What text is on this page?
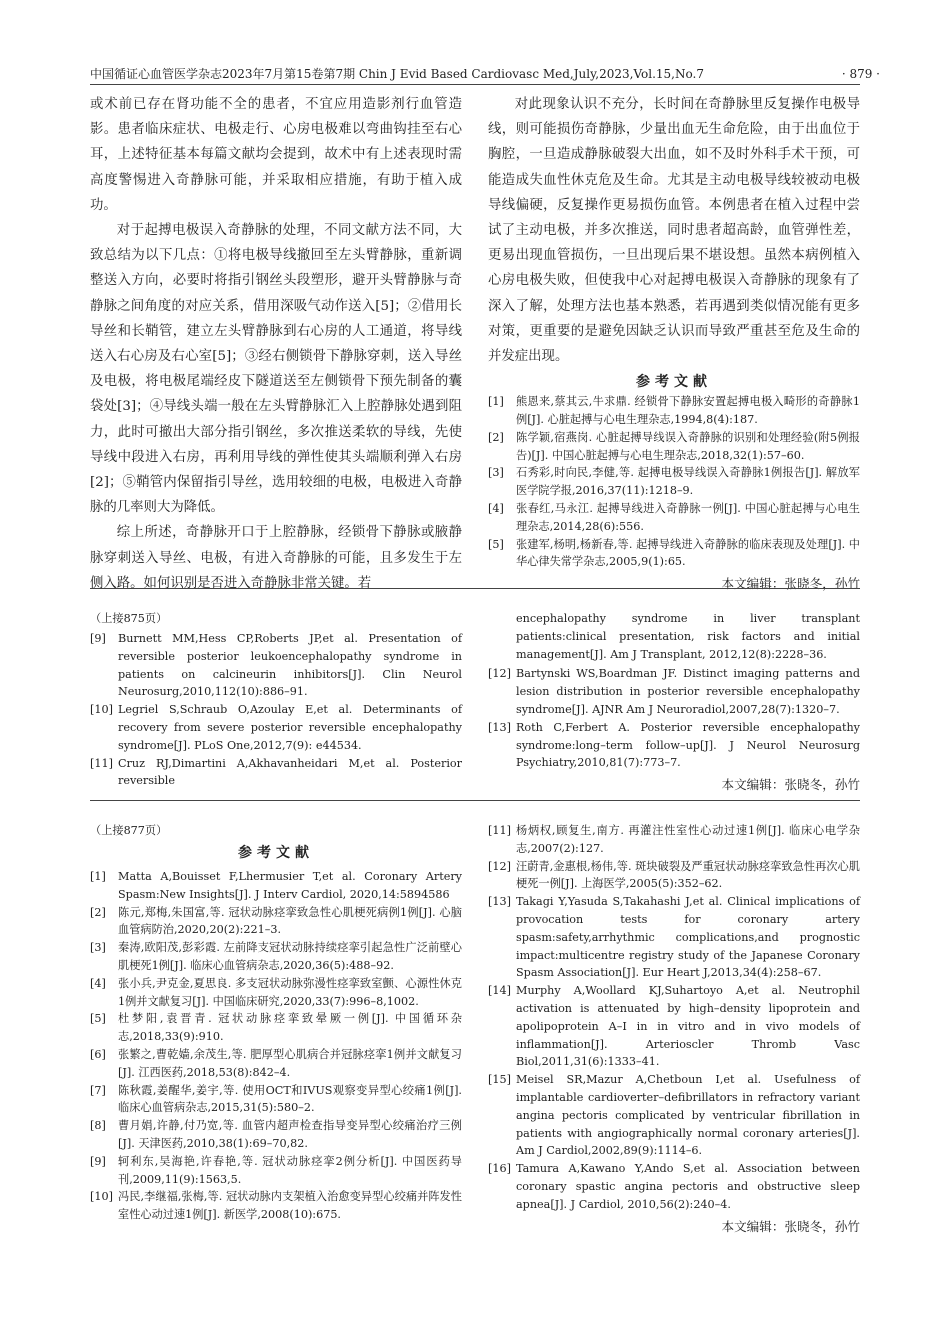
中国循证心血管医学杂志2023年7月第15卷第7期 Chin J Evid Based Cardiovasc Med,July,2023,Vol.15,No.7	· 879 ·

或术前已存在肾功能不全的患者，不宜应用造影剂行血管造影。患者临床症状、电极走行、心房电极难以弯曲钩挂至右心耳，上述特征基本每篇文献均会提到，故术中有上述表现时需高度警惕进入奇静脉可能，并采取相应措施，有助于植入成功。

对于起搏电极误入奇静脉的处理，不同文献方法不同，大致总结为以下几点：①将电极导线撤回至左头臂静脉，重新调整送入方向，必要时将指引钢丝头段塑形，避开头臂静脉与奇静脉之间角度的对应关系，借用深吸气动作送入[5]；②借用长导丝和长鞘管，建立左头臂静脉到右心房的人工通道，将导线送入右心房及右心室[5]；③经右侧锁骨下静脉穿刺，送入导丝及电极，将电极尾端经皮下隧道送至左侧锁骨下预先制备的囊袋处[3]；④导线头端一般在左头臂静脉汇入上腔静脉处遇到阻力，此时可撤出大部分指引钢丝，多次推送柔软的导线，先使导线中段进入右房，再利用导线的弹性使其头端顺利弹入右房[2]；⑤鞘管内保留指引导丝，选用较细的电极，电极进入奇静脉的几率则大为降低。

综上所述，奇静脉开口于上腔静脉，经锁骨下静脉或腋静脉穿刺送入导丝、电极，有进入奇静脉的可能，且多发生于左侧入路。如何识别是否进入奇静脉非常关键。若

对此现象认识不充分，长时间在奇静脉里反复操作电极导线，则可能损伤奇静脉，少量出血无生命危险，由于出血位于胸腔，一旦造成静脉破裂大出血，如不及时外科手术干预，可能造成失血性休克危及生命。尤其是主动电极导线较被动电极导线偏硬，反复操作更易损伤血管。本例患者在植入过程中尝试了主动电极，并多次推送，同时患者超高龄，血管弹性差，更易出现血管损伤，一旦出现后果不堪设想。虽然本病例植入心房电极失败，但使我中心对起搏电极误入奇静脉的现象有了深入了解，处理方法也基本熟悉，若再遇到类似情况能有更多对策，更重要的是避免因缺乏认识而导致严重甚至危及生命的并发症出现。

参考文献

[1]	熊恩来,蔡其云,牛求鼎. 经锁骨下静脉安置起搏电极入畸形的奇静脉1例[J]. 心脏起搏与心电生理杂志,1994,8(4):187.
[2]	陈学颖,宿燕岗. 心脏起搏导线误入奇静脉的识别和处理经验(附5例报告)[J]. 中国心脏起搏与心电生理杂志,2018,32(1):57–60.
[3]	石秀彩,时向民,李健,等. 起搏电极导线误入奇静脉1例报告[J]. 解放军医学院学报,2016,37(11):1218–9.
[4]	张春红,马永江. 起搏导线进入奇静脉一例[J]. 中国心脏起搏与心电生理杂志,2014,28(6):556.
[5]	张建军,杨明,杨新春,等. 起搏导线进入奇静脉的临床表现及处理[J]. 中华心律失常学杂志,2005,9(1):65.
本文编辑：张晓冬，孙竹

（上接875页）

[9]	Burnett MM,Hess CP,Roberts JP,et al. Presentation of reversible posterior leukoencephalopathy syndrome in patients on calcineurin inhibitors[J]. Clin Neurol Neurosurg,2010,112(10):886–91.
[10] Legriel S,Schraub O,Azoulay E,et al. Determinants of recovery from severe posterior reversible encephalopathy syndrome[J]. PLoS One,2012,7(9): e44534.
[11] Cruz RJ,Dimartini A,Akhavanheidari M,et al. Posterior reversible
encephalopathy syndrome in liver transplant patients:clinical presentation, risk factors and initial management[J]. Am J Transplant, 2012,12(8):2228–36.
[12] Bartynski WS,Boardman JF. Distinct imaging patterns and lesion distribution in posterior reversible encephalopathy syndrome[J]. AJNR Am J Neuroradiol,2007,28(7):1320–7.
[13] Roth C,Ferbert A. Posterior reversible encephalopathy syndrome:long–term follow–up[J]. J Neurol Neurosurg Psychiatry,2010,81(7):773–7.
本文编辑：张晓冬，孙竹

（上接877页）

参考文献

[1]	Matta A,Bouisset F,Lhermusier T,et al. Coronary Artery Spasm:New Insights[J]. J Interv Cardiol, 2020,14:5894586
[2]	陈元,郑梅,朱国富,等. 冠状动脉痉挛致急性心肌梗死病例1例[J]. 心脑血管病防治,2020,20(2):221–3.
[3]	秦涛,欧阳茂,彭彩霞. 左前降支冠状动脉持续痉挛引起急性广泛前壁心肌梗死1例[J]. 临床心血管病杂志,2020,36(5):488–92.
[4]	张小兵,尹克金,夏思良. 多支冠状动脉弥漫性痉挛致室颤、心源性休克1例并文献复习[J]. 中国临床研究,2020,33(7):996–8,1002.
[5]	杜梦阳,袁晋青. 冠状动脉痉挛致晕厥一例[J]. 中国循环杂志,2018,33(9):910.
[6]	张繁之,曹乾嫱,余茂生,等. 肥厚型心肌病合并冠脉痉挛1例并文献复习[J]. 江西医药,2018,53(8):842–4.
[7]	陈秋霞,姜醒华,姜宇,等. 使用OCT和IVUS观察变异型心绞痛1例[J]. 临床心血管病杂志,2015,31(5):580–2.
[8]	曹月娟,许静,付乃宽,等. 血管内超声检查指导变异型心绞痛治疗三例[J]. 天津医药,2010,38(1):69–70,82.
[9]	轲利东,吴海艳,许春艳,等. 冠状动脉痉挛2例分析[J]. 中国医药导刊,2009,11(9):1563,5.
[10] 冯民,李继福,张梅,等. 冠状动脉内支架植入治愈变异型心绞痛并阵发性室性心动过速1例[J]. 新医学,2008(10):675.
[11] 杨炳权,顾复生,南方. 再灌注性室性心动过速1例[J]. 临床心电学杂志,2007(2):127.
[12] 汪蔚青,金惠根,杨伟,等. 斑块破裂及严重冠状动脉痉挛致急性再次心肌梗死一例[J]. 上海医学,2005(5):352–62.
[13] Takagi Y,Yasuda S,Takahashi J,et al. Clinical implications of provocation tests for coronary artery spasm:safety,arrhythmic complications,and prognostic impact:multicentre registry study of the Japanese Coronary Spasm Association[J]. Eur Heart J,2013,34(4):258–67.
[14] Murphy A,Woollard KJ,Suhartoyo A,et al. Neutrophil activation is attenuated by high–density lipoprotein and apolipoprotein A–I in in vitro and in vivo models of inflammation[J]. Arterioscler Thromb Vasc Biol,2011,31(6):1333–41.
[15] Meisel SR,Mazur A,Chetboun I,et al. Usefulness of implantable cardioverter–defibrillators in refractory variant angina pectoris complicated by ventricular fibrillation in patients with angiographically normal coronary arteries[J]. Am J Cardiol,2002,89(9):1114–6.
[16] Tamura A,Kawano Y,Ando S,et al. Association between coronary spastic angina pectoris and obstructive sleep apnea[J]. J Cardiol, 2010,56(2):240–4.
本文编辑：张晓冬，孙竹
